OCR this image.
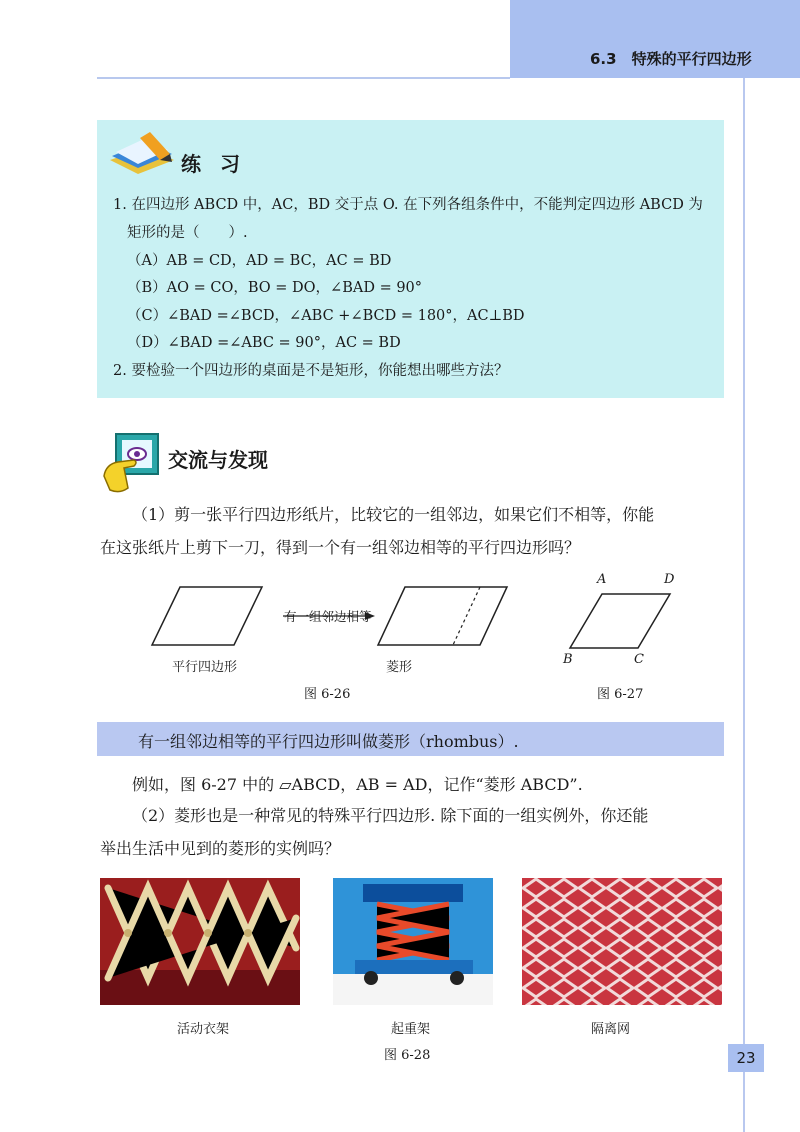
6.3　特殊的平行四边形
练 习
1. 在四边形 ABCD 中，AC，BD 交于点 O. 在下列各组条件中，不能判定四边形 ABCD 为
矩形的是（　　）.
（A）AB = CD，AD = BC，AC = BD
（B）AO = CO，BO = DO，∠BAD = 90°
（C）∠BAD =∠BCD，∠ABC +∠BCD = 180°，AC⊥BD
（D）∠BAD =∠ABC = 90°，AC = BD
2. 要检验一个四边形的桌面是不是矩形，你能想出哪些方法？
交流与发现
（1）剪一张平行四边形纸片，比较它的一组邻边，如果它们不相等，你能
在这张纸片上剪下一刀，得到一个有一组邻边相等的平行四边形吗？
有一组邻边相等
平行四边形	菱形
图 6-26
A	D
B	C
图 6-27
有一组邻边相等的平行四边形叫做菱形（rhombus）.
例如，图 6-27 中的 ▱ABCD，AB = AD，记作“菱形 ABCD”.
（2）菱形也是一种常见的特殊平行四边形. 除下面的一组实例外，你还能
举出生活中见到的菱形的实例吗？
活动衣架	起重架	隔离网
图 6-28	23
